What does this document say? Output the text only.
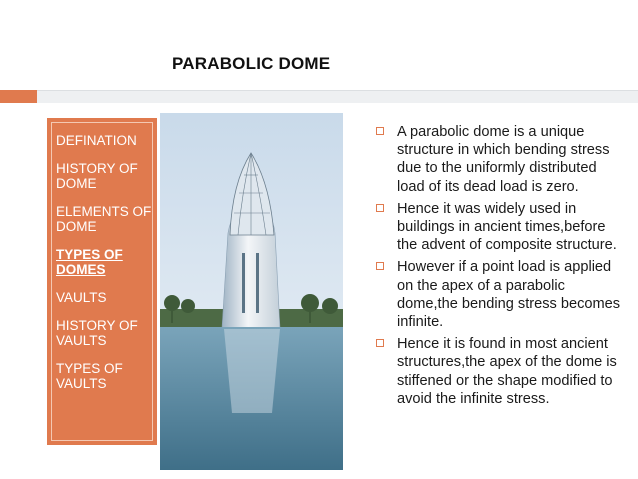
PARABOLIC DOME
DEFINATION
HISTORY OF DOME
ELEMENTS OF DOME
TYPES OF DOMES
VAULTS
HISTORY OF VAULTS
TYPES OF VAULTS
A parabolic dome is a unique structure in which bending stress due to the uniformly distributed load of its dead load is zero.
Hence it was widely used in buildings in ancient times,before the advent of composite structure.
However if a point load is applied on the apex of a parabolic dome,the bending stress becomes infinite.
Hence it is found in most ancient structures,the apex of the dome is stiffened or the shape modified to avoid the infinite stress.
